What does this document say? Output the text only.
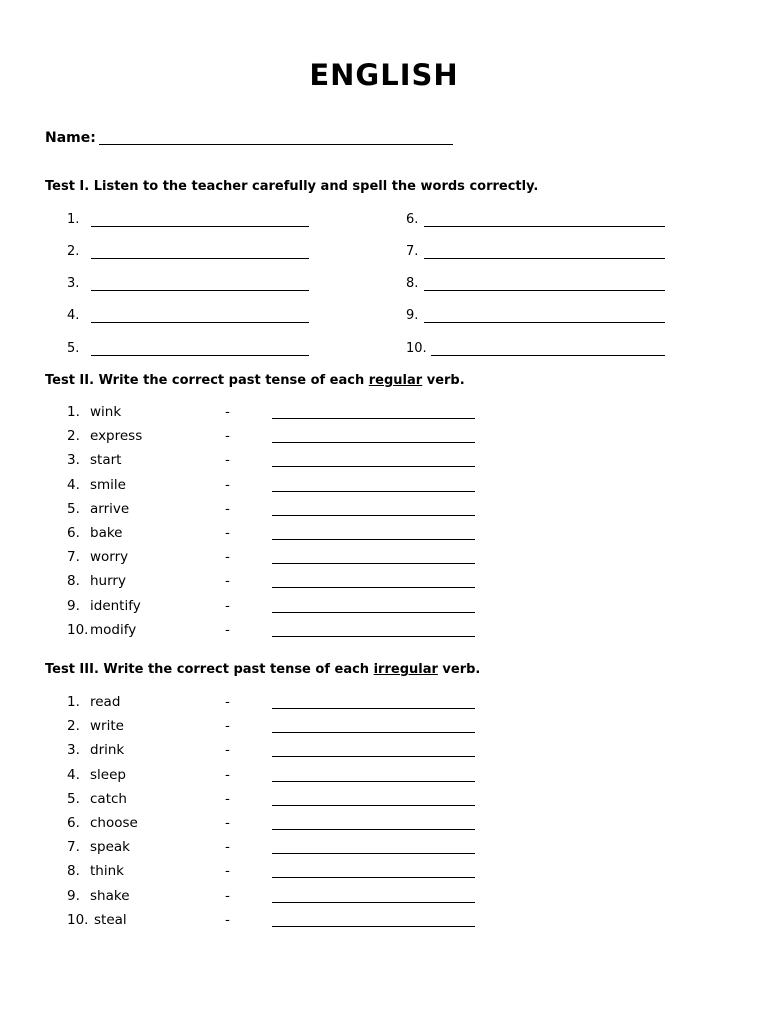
ENGLISH
Name:
Test I. Listen to the teacher carefully and spell the words correctly.
1.
2.
3.
4.
5.
6.
7.
8.
9.
10.
Test II. Write the correct past tense of each regular verb.
1. wink	-
2. express	-
3. start	-
4. smile	-
5. arrive	-
6. bake	-
7. worry	-
8. hurry	-
9. identify	-
10. modify	-
Test III. Write the correct past tense of each irregular verb.
1. read	-
2. write	-
3. drink	-
4. sleep	-
5. catch	-
6. choose	-
7. speak	-
8. think	-
9. shake	-
10. steal	-
